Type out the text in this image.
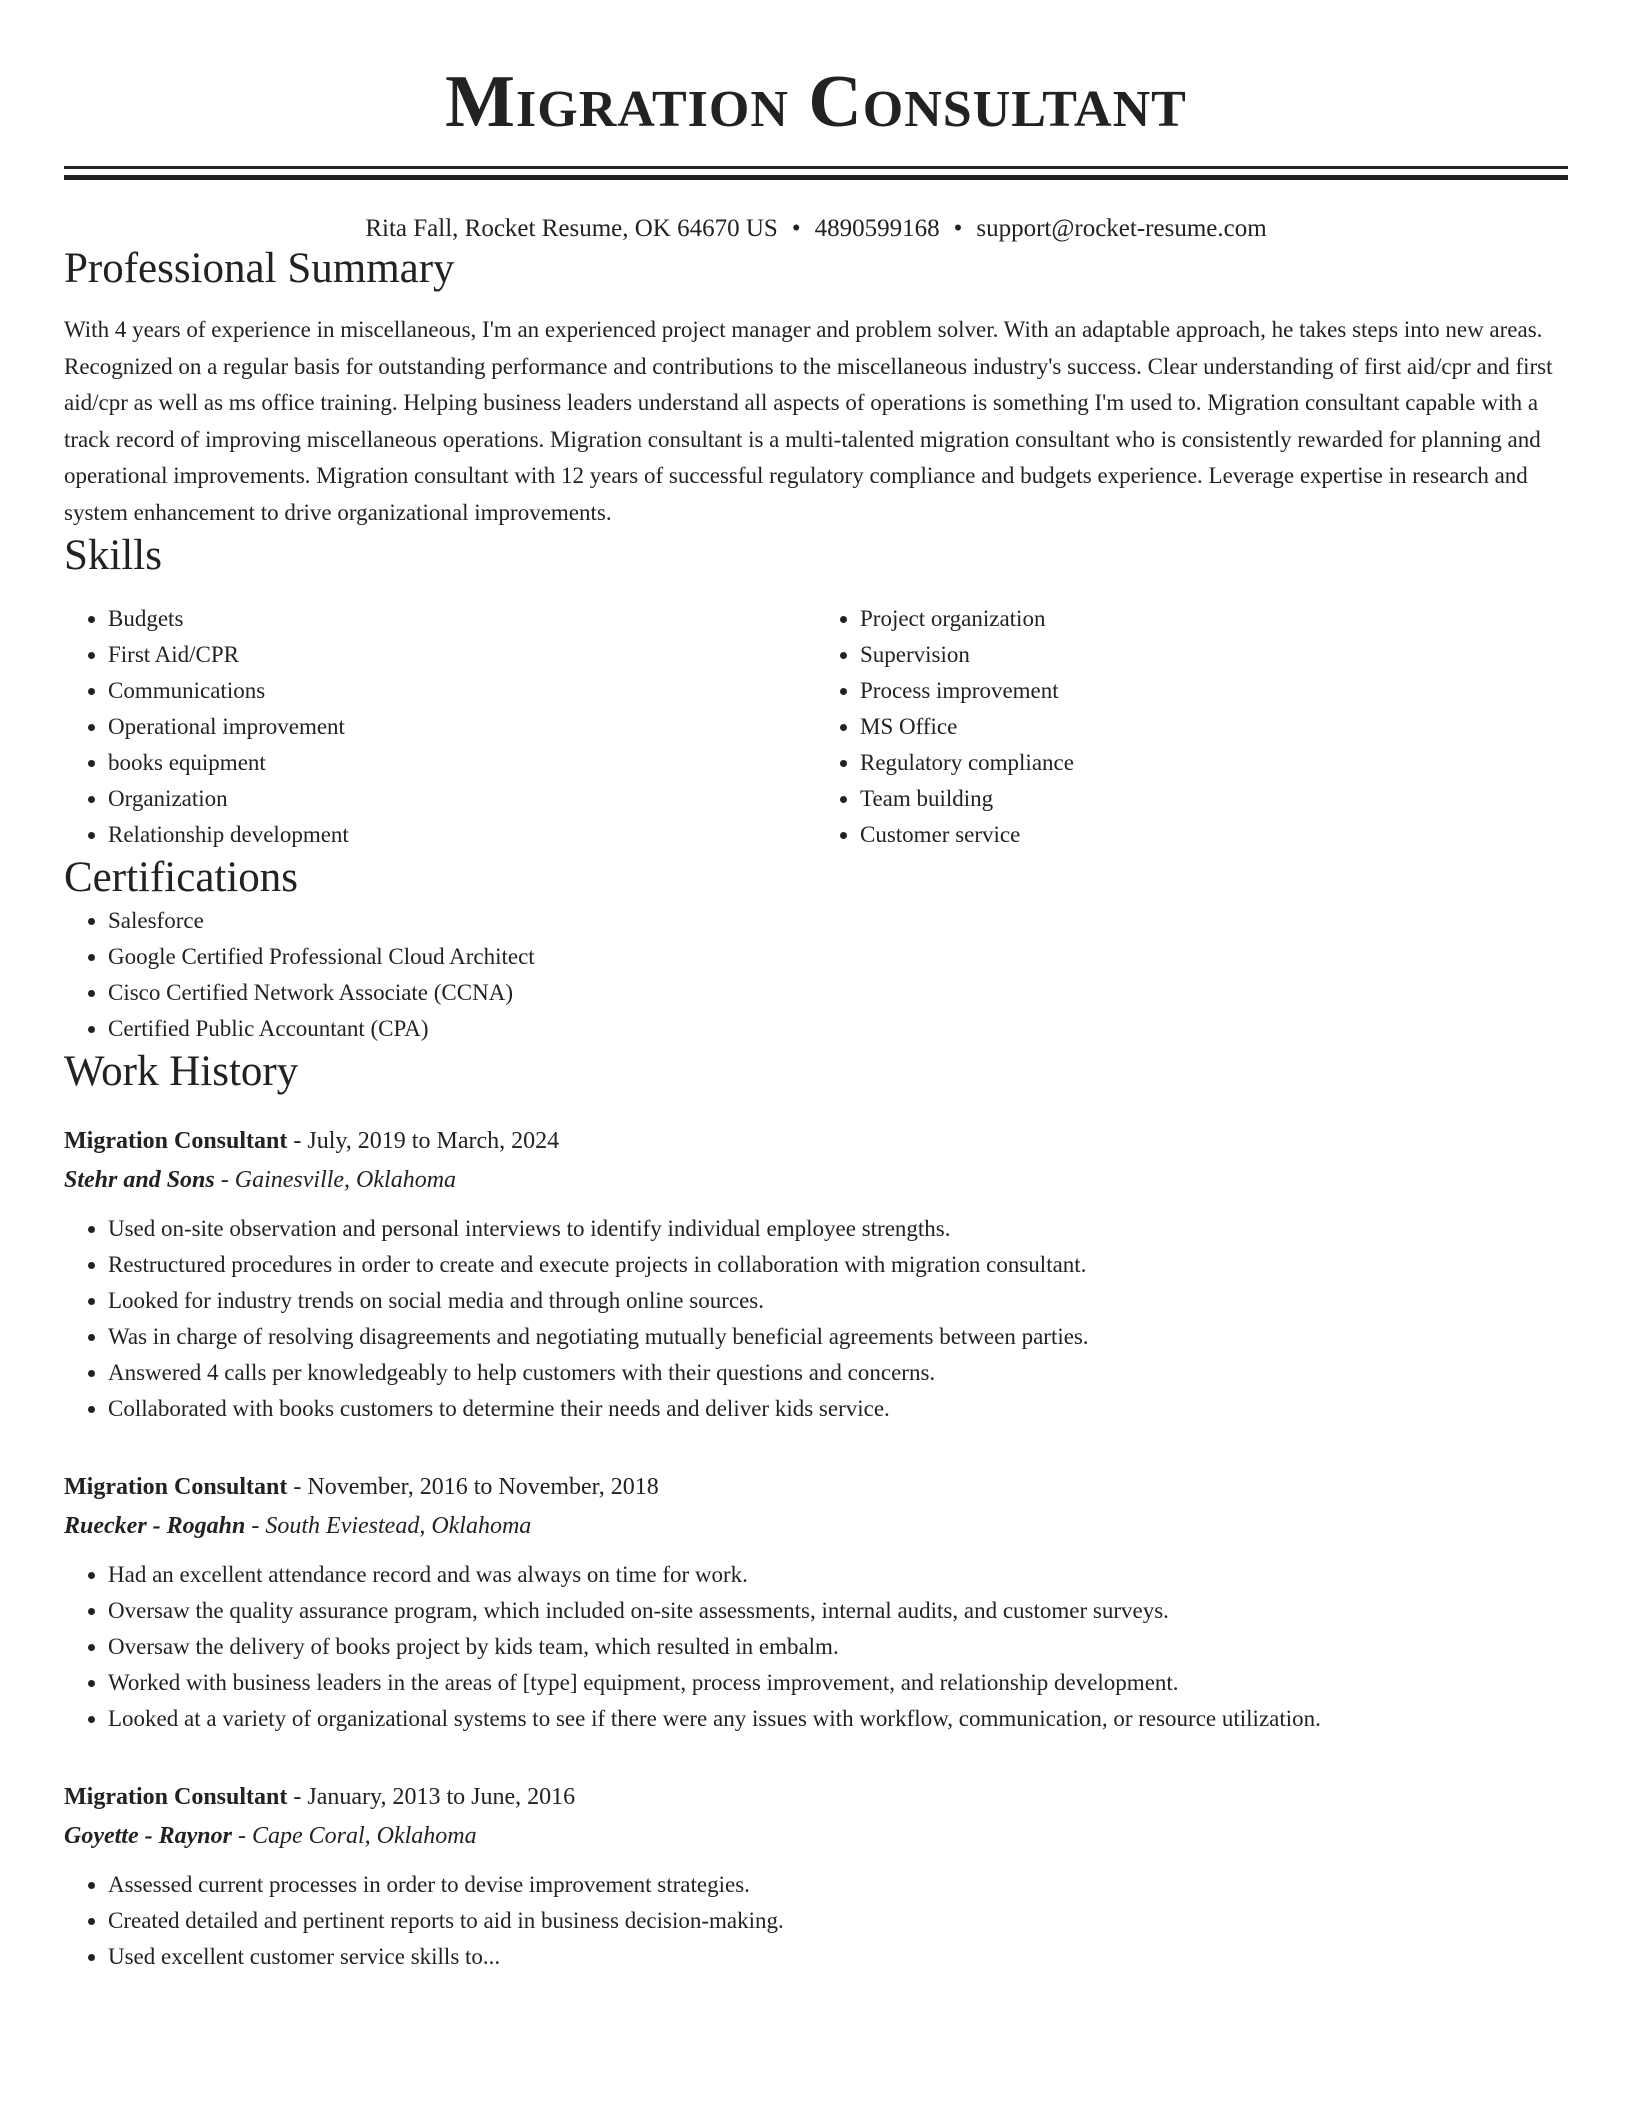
Migration Consultant
Rita Fall, Rocket Resume, OK 64670 US • 4890599168 • support@rocket-resume.com
Professional Summary

With 4 years of experience in miscellaneous, I'm an experienced project manager and problem solver. With an adaptable approach, he takes steps into new areas. Recognized on a regular basis for outstanding performance and contributions to the miscellaneous industry's success. Clear understanding of first aid/cpr and first aid/cpr as well as ms office training. Helping business leaders understand all aspects of operations is something I'm used to. Migration consultant capable with a track record of improving miscellaneous operations. Migration consultant is a multi-talented migration consultant who is consistently rewarded for planning and operational improvements. Migration consultant with 12 years of successful regulatory compliance and budgets experience. Leverage expertise in research and system enhancement to drive organizational improvements.

Skills
• Budgets
• First Aid/CPR
• Communications
• Operational improvement
• books equipment
• Organization
• Relationship development
• Project organization
• Supervision
• Process improvement
• MS Office
• Regulatory compliance
• Team building
• Customer service
Certifications
• Salesforce
• Google Certified Professional Cloud Architect
• Cisco Certified Network Associate (CCNA)
• Certified Public Accountant (CPA)
Work History
Migration Consultant - July, 2019 to March, 2024
Stehr and Sons - Gainesville, Oklahoma
• Used on-site observation and personal interviews to identify individual employee strengths.
• Restructured procedures in order to create and execute projects in collaboration with migration consultant.
• Looked for industry trends on social media and through online sources.
• Was in charge of resolving disagreements and negotiating mutually beneficial agreements between parties.
• Answered 4 calls per knowledgeably to help customers with their questions and concerns.
• Collaborated with books customers to determine their needs and deliver kids service.
Migration Consultant - November, 2016 to November, 2018
Ruecker - Rogahn - South Eviestead, Oklahoma
• Had an excellent attendance record and was always on time for work.
• Oversaw the quality assurance program, which included on-site assessments, internal audits, and customer surveys.
• Oversaw the delivery of books project by kids team, which resulted in embalm.
• Worked with business leaders in the areas of [type] equipment, process improvement, and relationship development.
• Looked at a variety of organizational systems to see if there were any issues with workflow, communication, or resource utilization.
Migration Consultant - January, 2013 to June, 2016
Goyette - Raynor - Cape Coral, Oklahoma
• Assessed current processes in order to devise improvement strategies.
• Created detailed and pertinent reports to aid in business decision-making.
• Used excellent customer service skills to...
